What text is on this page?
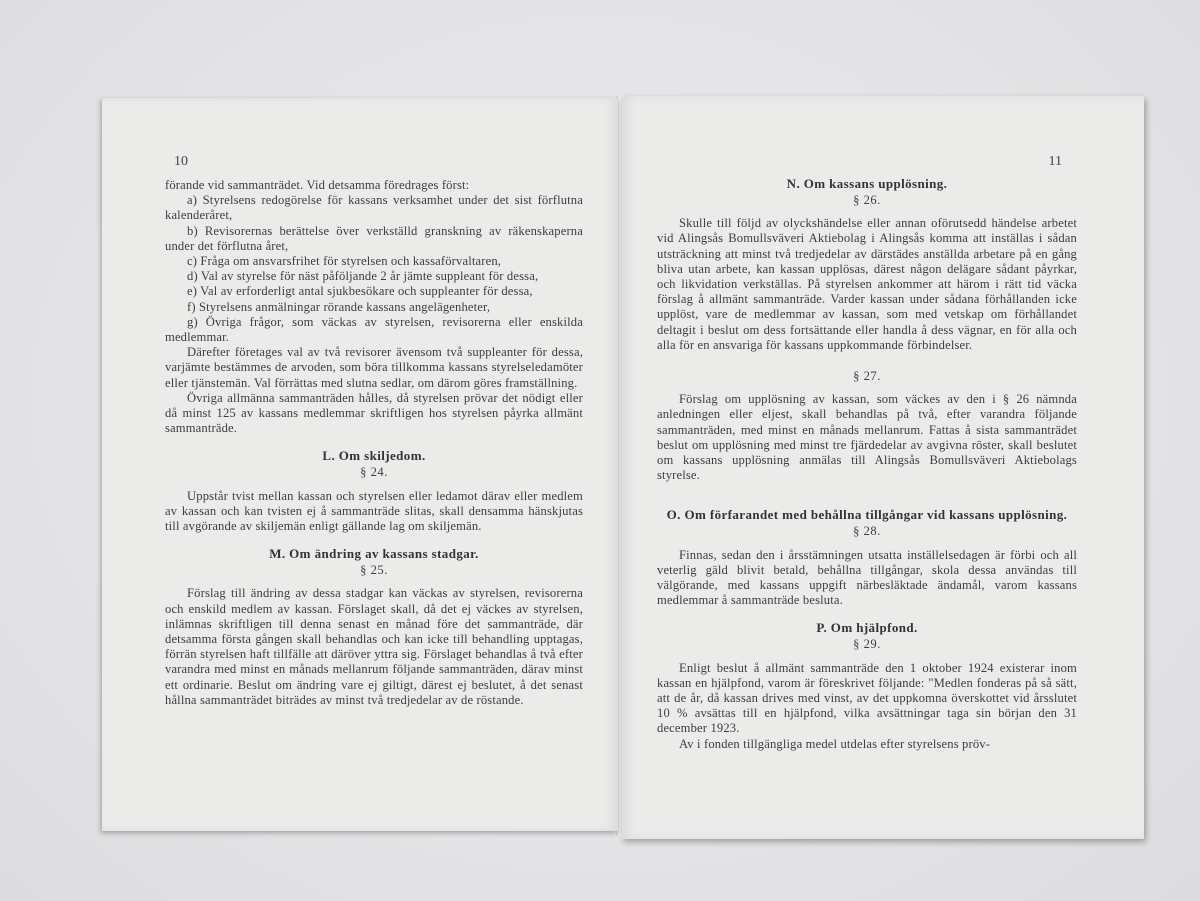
10

förande vid sammanträdet. Vid detsamma föredrages först:

a) Styrelsens redogörelse för kassans verksamhet under det sist förflutna kalenderåret,

b) Revisorernas berättelse över verkställd granskning av räkenskaperna under det förflutna året,

c) Fråga om ansvarsfrihet för styrelsen och kassaförvaltaren,

d) Val av styrelse för näst påföljande 2 år jämte suppleant för dessa,

e) Val av erforderligt antal sjukbesökare och suppleanter för dessa,

f) Styrelsens anmälningar rörande kassans angelägenheter,

g) Övriga frågor, som väckas av styrelsen, revisorerna eller enskilda medlemmar.

Därefter företages val av två revisorer ävensom två suppleanter för dessa, varjämte bestämmes de arvoden, som böra tillkomma kassans styrelseledamöter eller tjänstemän. Val förrättas med slutna sedlar, om därom göres framställning.

Övriga allmänna sammanträden hålles, då styrelsen prövar det nödigt eller då minst 125 av kassans medlemmar skriftligen hos styrelsen påyrka allmänt sammanträde.

L. Om skiljedom.
§ 24.

Uppstår tvist mellan kassan och styrelsen eller ledamot därav eller medlem av kassan och kan tvisten ej å sammanträde slitas, skall densamma hänskjutas till avgörande av skiljemän enligt gällande lag om skiljemän.

M. Om ändring av kassans stadgar.
§ 25.

Förslag till ändring av dessa stadgar kan väckas av styrelsen, revisorerna och enskild medlem av kassan. Förslaget skall, då det ej väckes av styrelsen, inlämnas skriftligen till denna senast en månad före det sammanträde, där detsamma första gången skall behandlas och kan icke till behandling upptagas, förrän styrelsen haft tillfälle att däröver yttra sig. Förslaget behandlas å två efter varandra med minst en månads mellanrum följande sammanträden, därav minst ett ordinarie. Beslut om ändring vare ej giltigt, därest ej beslutet, å det senast hållna sammanträdet biträdes av minst två tredjedelar av de röstande.

11
N. Om kassans upplösning.
§ 26.

Skulle till följd av olyckshändelse eller annan oförutsedd händelse arbetet vid Alingsås Bomullsväveri Aktiebolag i Alingsås komma att inställas i sådan utsträckning att minst två tredjedelar av därstädes anställda arbetare på en gång bliva utan arbete, kan kassan upplösas, därest någon delägare sådant påyrkar, och likvidation verkställas. På styrelsen ankommer att härom i rätt tid väcka förslag å allmänt sammanträde. Varder kassan under sådana förhållanden icke upplöst, vare de medlemmar av kassan, som med vetskap om förhållandet deltagit i beslut om dess fortsättande eller handla å dess vägnar, en för alla och alla för en ansvariga för kassans uppkommande förbindelser.

§ 27.

Förslag om upplösning av kassan, som väckes av den i § 26 nämnda anledningen eller eljest, skall behandlas på två, efter varandra följande sammanträden, med minst en månads mellanrum. Fattas å sista sammanträdet beslut om upplösning med minst tre fjärdedelar av avgivna röster, skall beslutet om kassans upplösning anmälas till Alingsås Bomullsväveri Aktiebolags styrelse.

O. Om förfarandet med behållna tillgångar vid kassans upplösning.
§ 28.

Finnas, sedan den i årsstämningen utsatta inställelsedagen är förbi och all veterlig gäld blivit betald, behållna tillgångar, skola dessa användas till välgörande, med kassans uppgift närbesläktade ändamål, varom kassans medlemmar å sammanträde besluta.

P. Om hjälpfond.
§ 29.

Enligt beslut å allmänt sammanträde den 1 oktober 1924 existerar inom kassan en hjälpfond, varom är föreskrivet följande: "Medlen fonderas på så sätt, att de år, då kassan drives med vinst, av det uppkomna överskottet vid årsslutet 10 % avsättas till en hjälpfond, vilka avsättningar taga sin början den 31 december 1923.

Av i fonden tillgängliga medel utdelas efter styrelsens pröv-
